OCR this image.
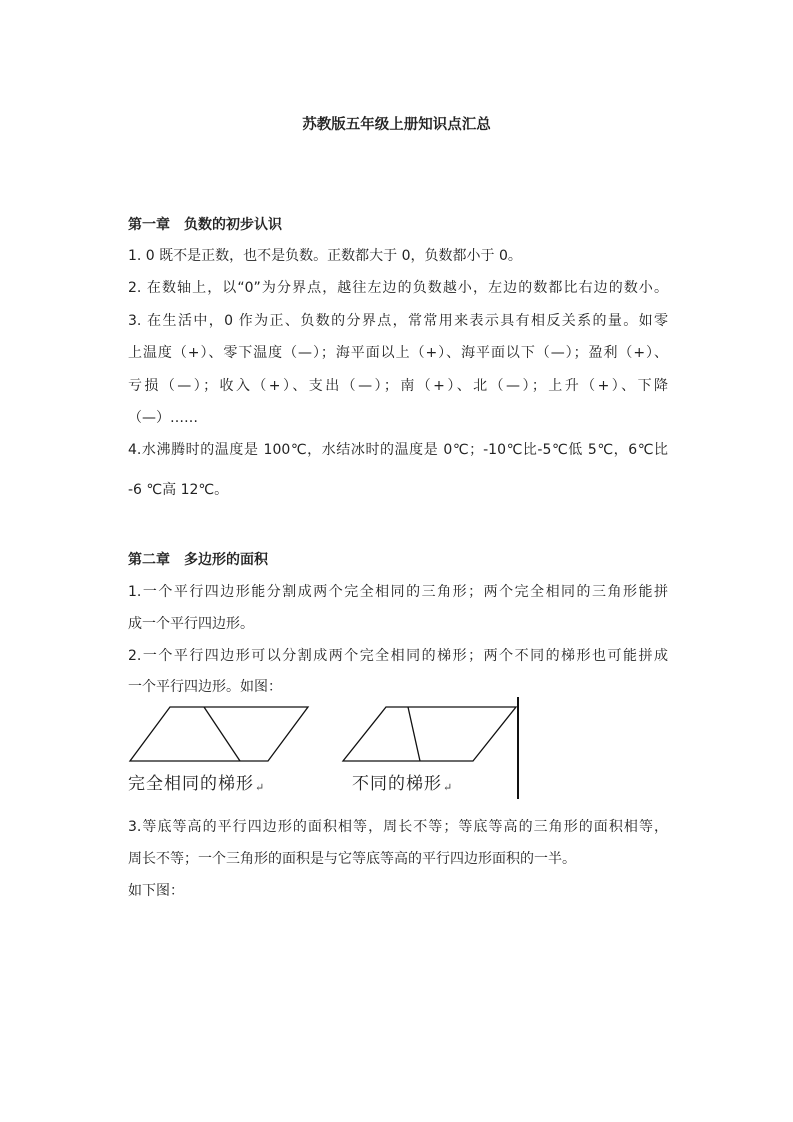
苏教版五年级上册知识点汇总
第一章　负数的初步认识

1. 0 既不是正数，也不是负数。正数都大于 0，负数都小于 0。

2. 在数轴上，以“0”为分界点，越往左边的负数越小，左边的数都比右边的数小。

3. 在生活中，0 作为正、负数的分界点，常常用来表示具有相反关系的量。如零

上温度（+）、零下温度（—）；海平面以上（+）、海平面以下（—）；盈利（+）、

亏损（—）；收入（+）、支出（—）；南（+）、北（—）；上升（+）、下降

（—）……

4.水沸腾时的温度是 100℃，水结冰时的温度是 0℃；-10℃比-5℃低 5℃，6℃比

-6 ℃高 12℃。

第二章　多边形的面积

1.一个平行四边形能分割成两个完全相同的三角形；两个完全相同的三角形能拼

成一个平行四边形。

2.一个平行四边形可以分割成两个完全相同的梯形；两个不同的梯形也可能拼成

一个平行四边形。如图：

完全相同的梯形↵	不同的梯形↵

3.等底等高的平行四边形的面积相等，周长不等；等底等高的三角形的面积相等，

周长不等；一个三角形的面积是与它等底等高的平行四边形面积的一半。

如下图：
